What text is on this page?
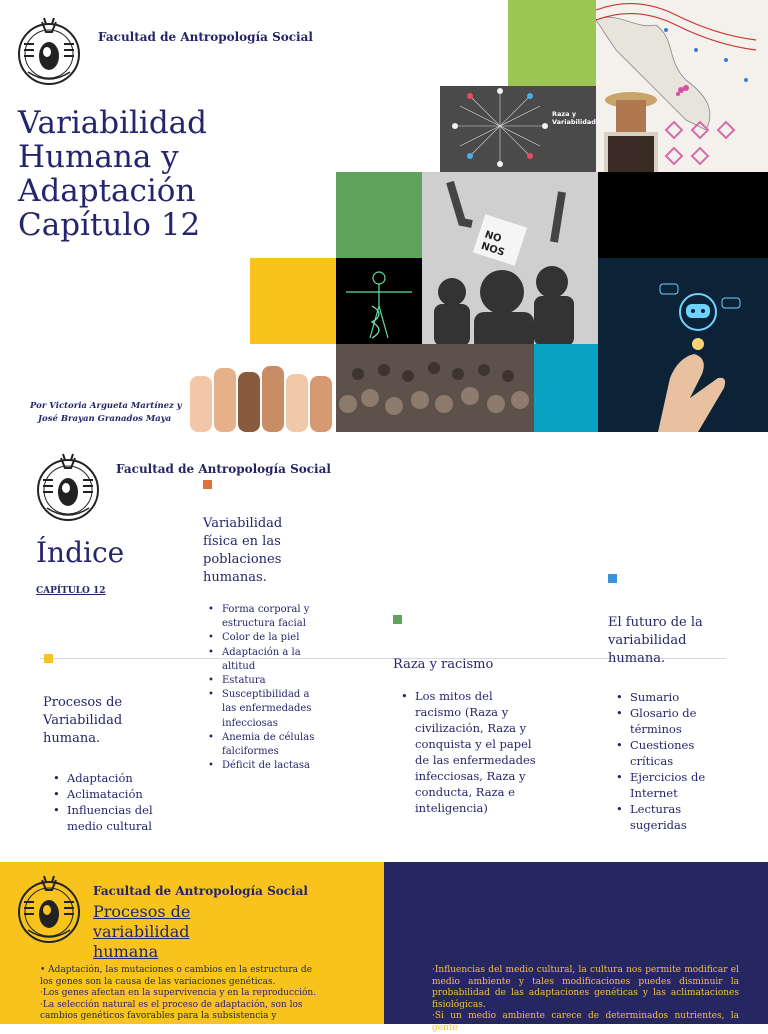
Facultad de Antropología Social
Variabilidad
Humana y
Adaptación
Capítulo 12
Por Victoria Argueta Martínez y
José Brayan Granados Maya
Raza y
Variabilidad
NO
NOS
Facultad de Antropología Social
Índice
CAPÍTULO 12
Procesos de
Variabilidad
humana.
• Adaptación
• Aclimatación
• Influencias del medio cultural
Variabilidad
física en las
poblaciones
humanas.
• Forma corporal y estructura facial
• Color de la piel
• Adaptación a la altitud
• Estatura
• Susceptibilidad a las enfermedades infecciosas
• Anemia de células falciformes
• Déficit de lactasa
Raza y racismo
• Los mitos del racismo (Raza y civilización, Raza y conquista y el papel de las enfermedades infecciosas, Raza y conducta, Raza e inteligencia)
El futuro de la
variabilidad
humana.
• Sumario
• Glosario de términos
• Cuestiones críticas
• Ejercicios de Internet
• Lecturas sugeridas
Facultad de Antropología Social
Procesos de
variabilidad
humana
• Adaptación, las mutaciones o cambios en la estructura de los genes son la causa de las variaciones genéticas.
·Los genes afectan en la supervivencia y en la reproducción.
·La selección natural es el proceso de adaptación, son los cambios genéticos favorables para la subsistencia y
·Influencias del medio cultural, la cultura nos permite modificar el medio ambiente y tales modificaciones puedes disminuir la probabilidad de las adaptaciones genéticas y las aclimataciones fisiológicas.
·Si un medio ambiente carece de determinados nutrientes, la gente
